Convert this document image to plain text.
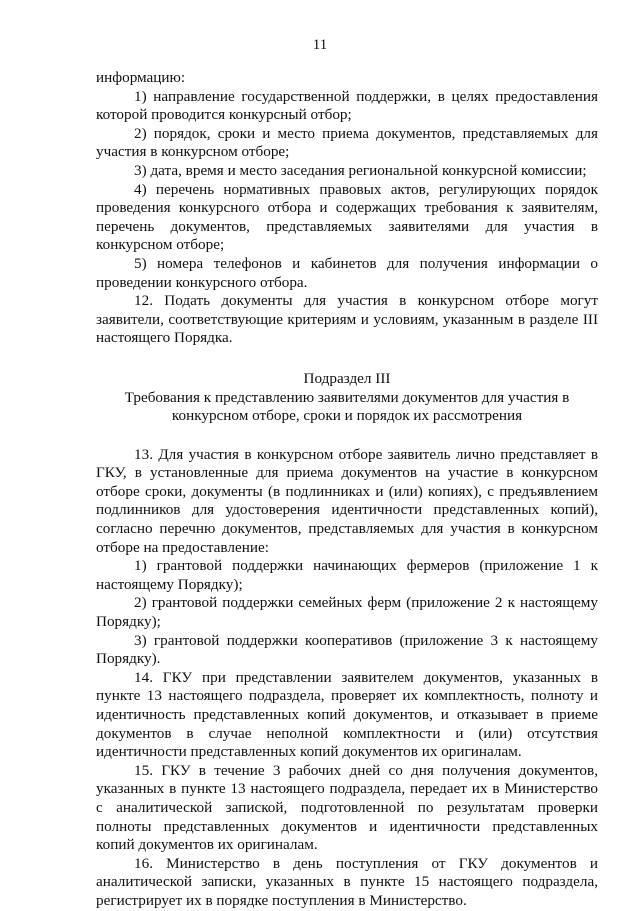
11

информацию:

1) направление государственной поддержки, в целях предоставления которой проводится конкурсный отбор;

2) порядок, сроки и место приема документов, представляемых для участия в конкурсном отборе;

3) дата, время и место заседания региональной конкурсной комиссии;

4) перечень нормативных правовых актов, регулирующих порядок проведения конкурсного отбора и содержащих требования к заявителям, перечень документов, представляемых заявителями для участия в конкурсном отборе;

5) номера телефонов и кабинетов для получения информации о проведении конкурсного отбора.

12. Подать документы для участия в конкурсном отборе могут заявители, соответствующие критериям и условиям, указанным в разделе III настоящего Порядка.

Подраздел III
Требования к представлению заявителями документов для участия в
конкурсном отборе, сроки и порядок их рассмотрения

13. Для участия в конкурсном отборе заявитель лично представляет в ГКУ, в установленные для приема документов на участие в конкурсном отборе сроки, документы (в подлинниках и (или) копиях), с предъявлением подлинников для удостоверения идентичности представленных копий), согласно перечню документов, представляемых для участия в конкурсном отборе на предоставление:

1) грантовой поддержки начинающих фермеров (приложение 1 к настоящему Порядку);

2) грантовой поддержки семейных ферм (приложение 2 к настоящему Порядку);

3) грантовой поддержки кооперативов (приложение 3 к настоящему Порядку).

14. ГКУ при представлении заявителем документов, указанных в пункте 13 настоящего подраздела, проверяет их комплектность, полноту и идентичность представленных копий документов, и отказывает в приеме документов в случае неполной комплектности и (или) отсутствия идентичности представленных копий документов их оригиналам.

15. ГКУ в течение 3 рабочих дней со дня получения документов, указанных в пункте 13 настоящего подраздела, передает их в Министерство с аналитической запиской, подготовленной по результатам проверки полноты представленных документов и идентичности представленных копий документов их оригиналам.

16. Министерство в день поступления от ГКУ документов и аналитической записки, указанных в пункте 15 настоящего подраздела, регистрирует их в порядке поступления в Министерство.
